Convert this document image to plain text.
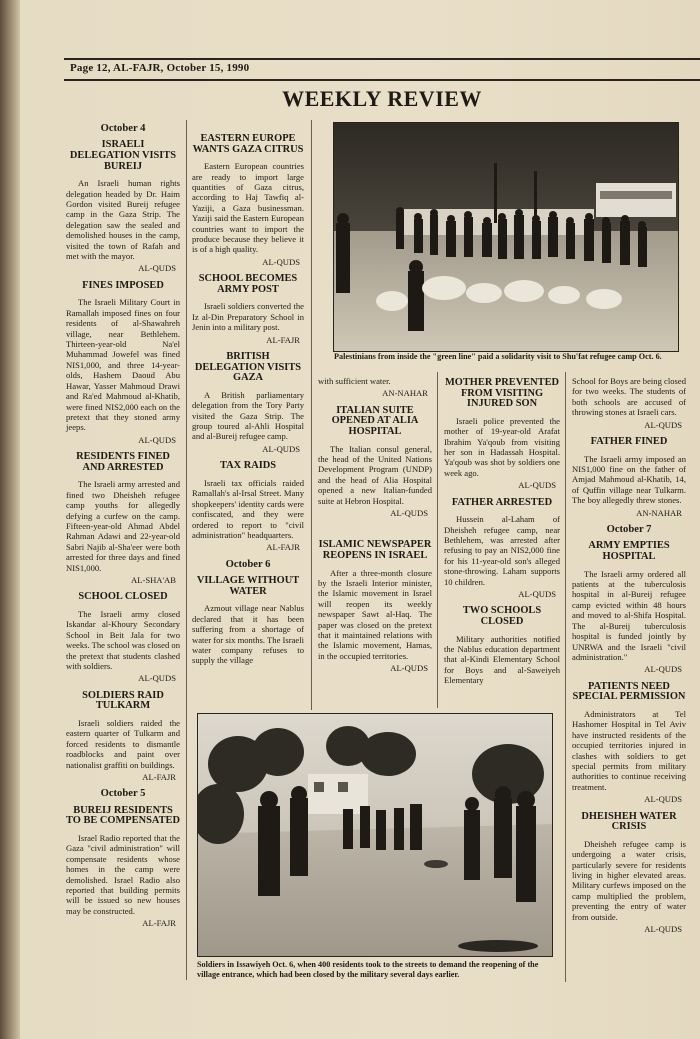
Page 12, AL-FAJR, October 15, 1990
WEEKLY REVIEW
October 4
ISRAELI DELEGATION VISITS BUREIJ

An Israeli human rights delegation headed by Dr. Haim Gordon visited Bureij refugee camp in the Gaza Strip. The delegation saw the sealed and demolished houses in the camp, visited the town of Rafah and met with the mayor.

AL-QUDS
FINES IMPOSED

The Israeli Military Court in Ramallah imposed fines on four residents of al-Shawahreh village, near Bethlehem. Thirteen-year-old Na'el Muhammad Jowefel was fined NIS1,000, and three 14-year-olds, Hashem Daoud Abu Hawar, Yasser Mahmoud Drawi and Ra'ed Mahmoud al-Khatib, were fined NIS2,000 each on the pretext that they stoned army jeeps.

AL-QUDS
RESIDENTS FINED AND ARRESTED

The Israeli army arrested and fined two Dheisheh refugee camp youths for allegedly defying a curfew on the camp. Fifteen-year-old Ahmad Abdel Rahman Adawi and 22-year-old Sabri Najib al-Sha'eer were both arrested for three days and fined NIS1,000.

AL-SHA'AB
SCHOOL CLOSED

The Israeli army closed Iskandar al-Khoury Secondary School in Beit Jala for two weeks. The school was closed on the pretext that students clashed with soldiers.

AL-QUDS
SOLDIERS RAID TULKARM

Israeli soldiers raided the eastern quarter of Tulkarm and forced residents to dismantle roadblocks and paint over nationalist graffiti on buildings.

AL-FAJR
October 5
BUREIJ RESIDENTS TO BE COMPENSATED

Israel Radio reported that the Gaza "civil administration" will compensate residents whose homes in the camp were demolished. Israel Radio also reported that building permits will be issued so new houses may be constructed.

AL-FAJR
EASTERN EUROPE WANTS GAZA CITRUS

Eastern European countries are ready to import large quantities of Gaza citrus, according to Haj Tawfiq al-Yaziji, a Gaza businessman. Yaziji said the Eastern European countries want to import the produce because they believe it is of a high quality.

AL-QUDS
SCHOOL BECOMES ARMY POST

Israeli soldiers converted the Iz al-Din Preparatory School in Jenin into a military post.

AL-FAJR
BRITISH DELEGATION VISITS GAZA

A British parliamentary delegation from the Tory Party visited the Gaza Strip. The group toured al-Ahli Hospital and al-Bureij refugee camp.

AL-QUDS
TAX RAIDS

Israeli tax officials raided Ramallah's al-Irsal Street. Many shopkeepers' identity cards were confiscated, and they were ordered to report to "civil administration" headquarters.

AL-FAJR
October 6
VILLAGE WITHOUT WATER

Azmout village near Nablus declared that it has been suffering from a shortage of water for six months. The Israeli water company refuses to supply the village

Palestinians from inside the "green line" paid a solidarity visit to Shu'fat refugee camp Oct. 6.

with sufficient water.

AN-NAHAR
ITALIAN SUITE OPENED AT ALIA HOSPITAL

The Italian consul general, the head of the United Nations Development Program (UNDP) and the head of Alia Hospital opened a new Italian-funded suite at Hebron Hospital.

AL-QUDS
ISLAMIC NEWSPAPER REOPENS IN ISRAEL

After a three-month closure by the Israeli Interior minister, the Islamic movement in Israel will reopen its weekly newspaper Sawt al-Haq. The paper was closed on the pretext that it maintained relations with the Islamic movement, Hamas, in the occupied territories.

AL-QUDS
MOTHER PREVENTED FROM VISITING INJURED SON

Israeli police prevented the mother of 19-year-old Arafat Ibrahim Ya'qoub from visiting her son in Hadassah Hospital. Ya'qoub was shot by soldiers one week ago.

AL-QUDS
FATHER ARRESTED

Hussein al-Laham of Dheisheh refugee camp, near Bethlehem, was arrested after refusing to pay an NIS2,000 fine for his 11-year-old son's alleged stone-throwing. Laham supports 10 children.

AL-QUDS
TWO SCHOOLS CLOSED

Military authorities notified the Nablus education department that al-Kindi Elementary School for Boys and al-Saweiyeh Elementary

School for Boys are being closed for two weeks. The students of both schools are accused of throwing stones at Israeli cars.

AL-QUDS
FATHER FINED

The Israeli army imposed an NIS1,000 fine on the father of Amjad Mahmoud al-Khatib, 14, of Quffin village near Tulkarm. The boy allegedly threw stones.

AN-NAHAR
October 7
ARMY EMPTIES HOSPITAL

The Israeli army ordered all patients at the tuberculosis hospital in al-Bureij refugee camp evicted within 48 hours and moved to al-Shifa Hospital. The al-Bureij tuberculosis hospital is funded jointly by UNRWA and the Israeli "civil administration."

AL-QUDS
PATIENTS NEED SPECIAL PERMISSION

Administrators at Tel Hashomer Hospital in Tel Aviv have instructed residents of the occupied territories injured in clashes with soldiers to get special permits from military authorities to continue receiving treatment.

AL-QUDS
DHEISHEH WATER CRISIS

Dheisheh refugee camp is undergoing a water crisis, particularly severe for residents living in higher elevated areas. Military curfews imposed on the camp multiplied the problem, preventing the entry of water from outside.

AL-QUDS
Soldiers in Issawiyeh Oct. 6, when 400 residents took to the streets to demand the reopening of the village entrance, which had been closed by the military several days earlier.
